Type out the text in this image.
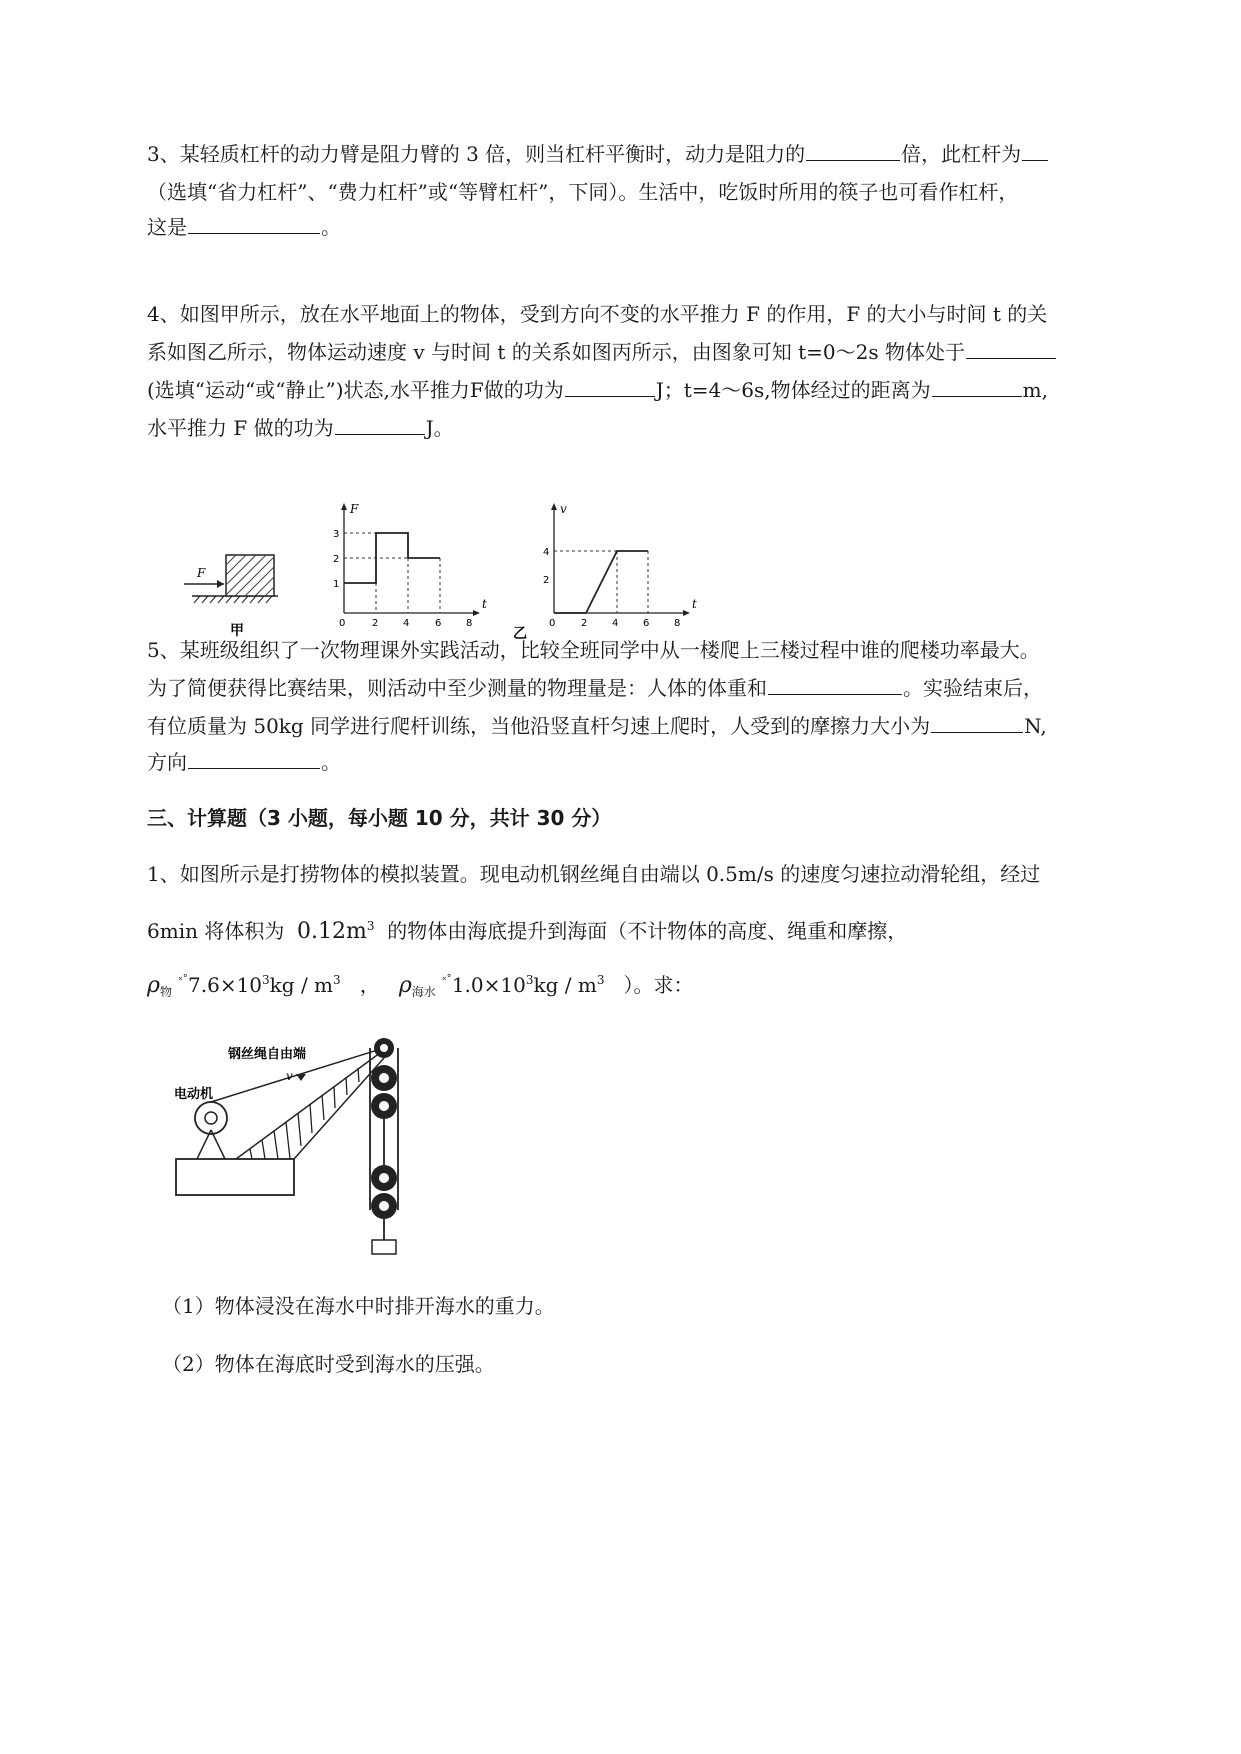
3、某轻质杠杆的动力臂是阻力臂的 3 倍，则当杠杆平衡时，动力是阻力的	倍，此杠杆为
（选填“省力杠杆”、“费力杠杆”或“等臂杠杆”，下同）。生活中，吃饭时所用的筷子也可看作杠杆，
这是	。
4、如图甲所示，放在水平地面上的物体，受到方向不变的水平推力 F 的作用，F 的大小与时间 t 的关
系如图乙所示，物体运动速度 v 与时间 t 的关系如图丙所示，由图象可知 t=0～2s 物体处于
(选填“运动“或“静止”)状态,水平推力F做的功为	J；t=4～6s,物体经过的距离为	m,
水平推力 F 做的功为	J。
F
甲
F
t
1
2
3
0	2 4	6 8
v
t
2
4
0	2 4 6 8
乙
5、某班级组织了一次物理课外实践活动，比较全班同学中从一楼爬上三楼过程中谁的爬楼功率最大。
为了简便获得比赛结果，则活动中至少测量的物理量是：人体的体重和	。实验结束后，
有位质量为 50kg 同学进行爬杆训练，当他沿竖直杆匀速上爬时，人受到的摩擦力大小为	N,
方向	。
三、计算题（3 小题，每小题 10 分，共计 30 分）
1、如图所示是打捞物体的模拟装置。现电动机钢丝绳自由端以 0.5m/s 的速度匀速拉动滑轮组，经过
6min 将体积为 $0.12m^3$ 的物体由海底提升到海面（不计物体的高度、绳重和摩擦，
$\rho_物$ $^{˟˚}7.6\times 10^3kg / m^3$ ， $\rho_{海水}$ $^{˟˚}1.0\times 10^3kg / m^3$ ）。求：
钢丝绳自由端
v
电动机
（1）物体浸没在海水中时排开海水的重力。
（2）物体在海底时受到海水的压强。
